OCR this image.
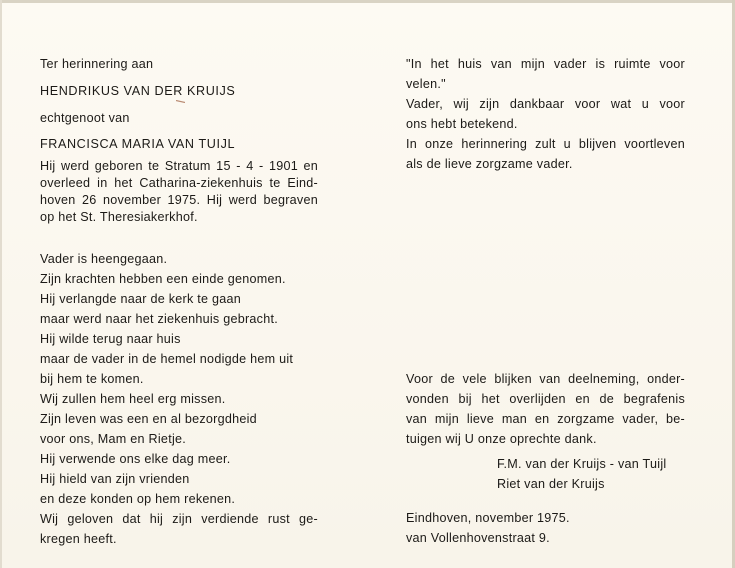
Ter herinnering aan
HENDRIKUS VAN DER KRUIJS
echtgenoot van
FRANCISCA MARIA VAN TUIJL
Hij werd geboren te Stratum 15 - 4 - 1901 en
overleed in het Catharina-ziekenhuis te Eind-
hoven 26 november 1975. Hij werd begraven
op het St. Theresiakerkhof.
Vader is heengegaan.
Zijn krachten hebben een einde genomen.
Hij verlangde naar de kerk te gaan
maar werd naar het ziekenhuis gebracht.
Hij wilde terug naar huis
maar de vader in de hemel nodigde hem uit
bij hem te komen.
Wij zullen hem heel erg missen.
Zijn leven was een en al bezorgdheid
voor ons, Mam en Rietje.
Hij verwende ons elke dag meer.
Hij hield van zijn vrienden
en deze konden op hem rekenen.
Wij geloven dat hij zijn verdiende rust ge-
kregen heeft.
"In het huis van mijn vader is ruimte voor
velen."
Vader, wij zijn dankbaar voor wat u voor
ons hebt betekend.
In onze herinnering zult u blijven voortleven
als de lieve zorgzame vader.
Voor de vele blijken van deelneming, onder-
vonden bij het overlijden en de begrafenis
van mijn lieve man en zorgzame vader, be-
tuigen wij U onze oprechte dank.
F.M. van der Kruijs - van Tuijl
Riet van der Kruijs
Eindhoven, november 1975.
van Vollenhovenstraat 9.
